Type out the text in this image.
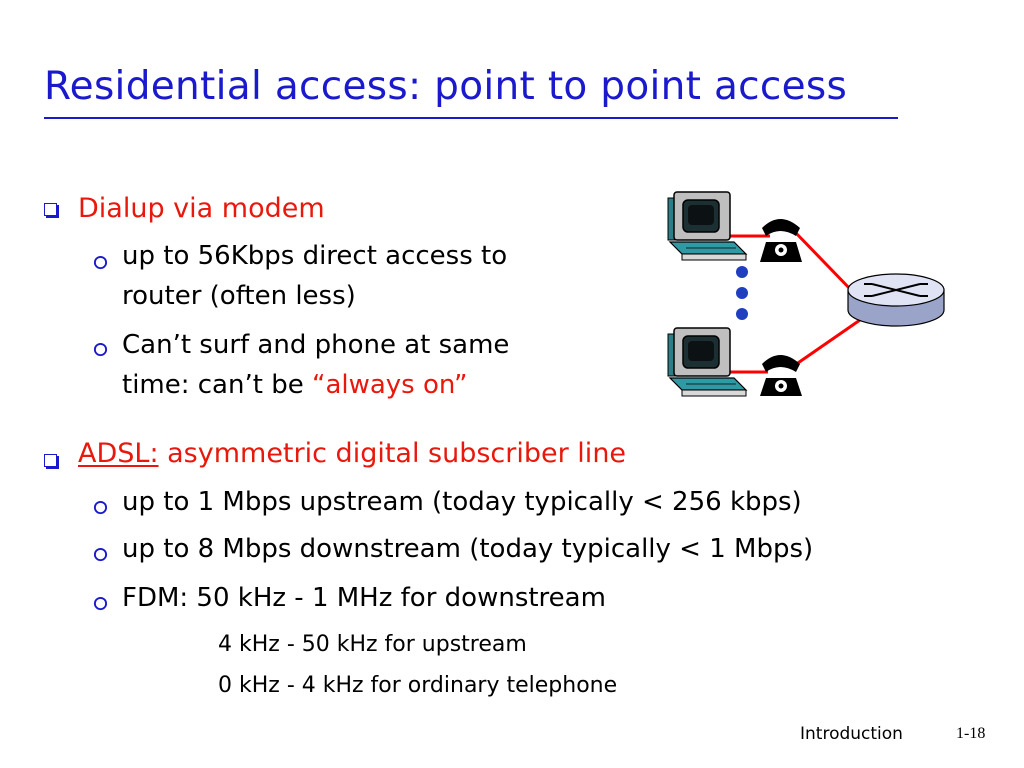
Residential access: point to point access
Dialup via modem
up to 56Kbps direct access to
router (often less)
Can’t surf and phone at same
time: can’t be “always on”
ADSL: asymmetric digital subscriber line
up to 1 Mbps upstream (today typically < 256 kbps)
up to 8 Mbps downstream (today typically < 1 Mbps)
FDM: 50 kHz - 1 MHz for downstream
4 kHz - 50 kHz for upstream
0 kHz - 4 kHz for ordinary telephone
Introduction	1-18
